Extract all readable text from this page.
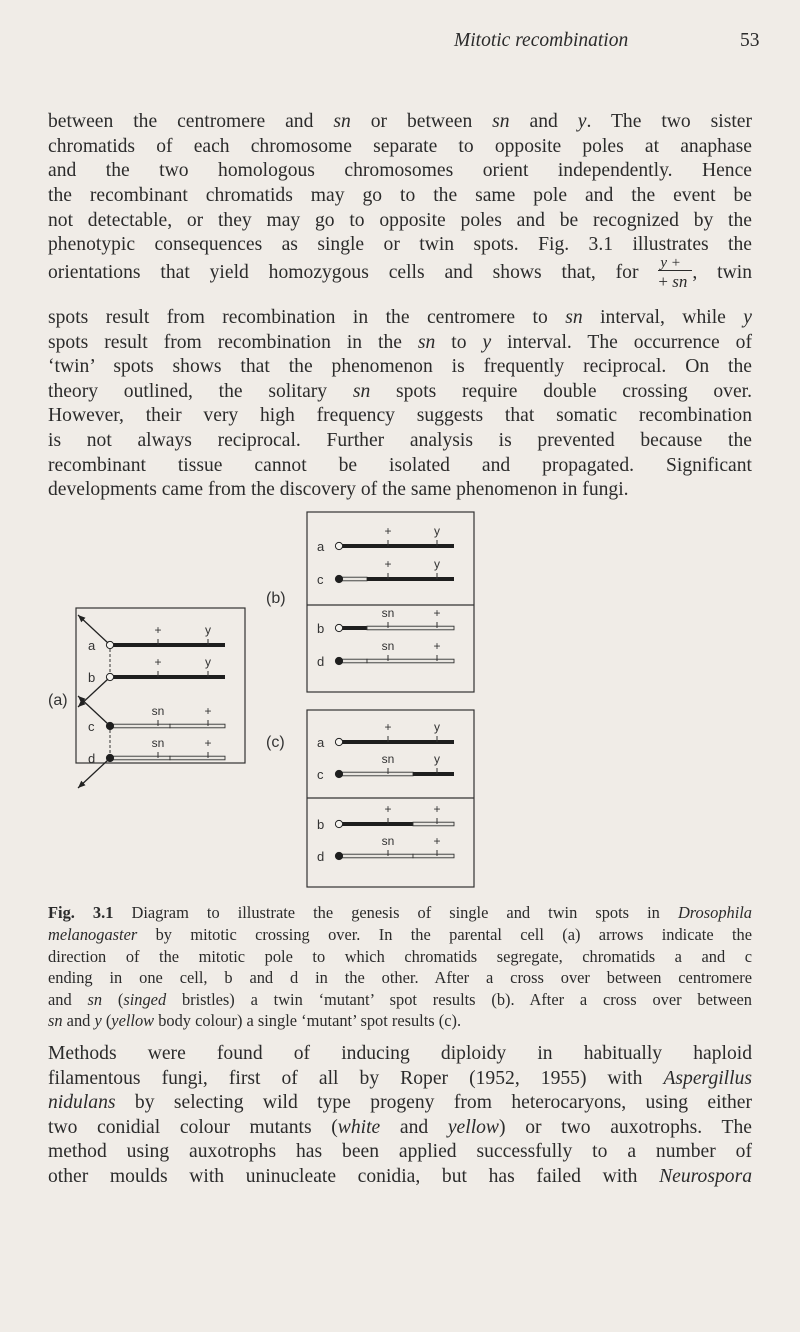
Mitotic recombination	53
between the centromere and sn or between sn and y. The two sister
chromatids of each chromosome separate to opposite poles at anaphase
and the two homologous chromosomes orient independently. Hence
the recombinant chromatids may go to the same pole and the event be
not detectable, or they may go to opposite poles and be recognized by the
phenotypic consequences as single or twin spots. Fig. 3.1 illustrates the
orientations that yield homozygous cells and shows that, for $\frac{y +}{+ sn}$ , twin
spots result from recombination in the centromere to sn interval, while y
spots result from recombination in the sn to y interval. The occurrence of
‘twin’ spots shows that the phenomenon is frequently reciprocal. On the
theory outlined, the solitary sn spots require double crossing over.
However, their very high frequency suggests that somatic recombination
is not always reciprocal. Further analysis is prevented because the
recombinant tissue cannot be isolated and propagated. Significant
developments came from the discovery of the same phenomenon in fungi.
Fig. 3.1 Diagram to illustrate the genesis of single and twin spots in Drosophila
melanogaster by mitotic crossing over. In the parental cell (a) arrows indicate the
direction of the mitotic pole to which chromatids segregate, chromatids a and c
ending in one cell, b and d in the other. After a cross over between centromere
and sn (singed bristles) a twin ‘mutant’ spot results (b). After a cross over between
sn and y (yellow body colour) a single ‘mutant’ spot results (c).
Methods were found of inducing diploidy in habitually haploid
filamentous fungi, first of all by Roper (1952, 1955) with Aspergillus
nidulans by selecting wild type progeny from heterocaryons, using either
two conidial colour mutants (white and yellow) or two auxotrophs. The
method using auxotrophs has been applied successfully to a number of
other moulds with uninucleate conidia, but has failed with Neurospora
(a)
+	y
a
+	y
b
sn	+
c
sn	+
d
(b)
+	y
a
+	y
c
sn	+
b
sn	+
d
(c)
+	y
a
sn	y
c
+	+
b
sn	+
d
